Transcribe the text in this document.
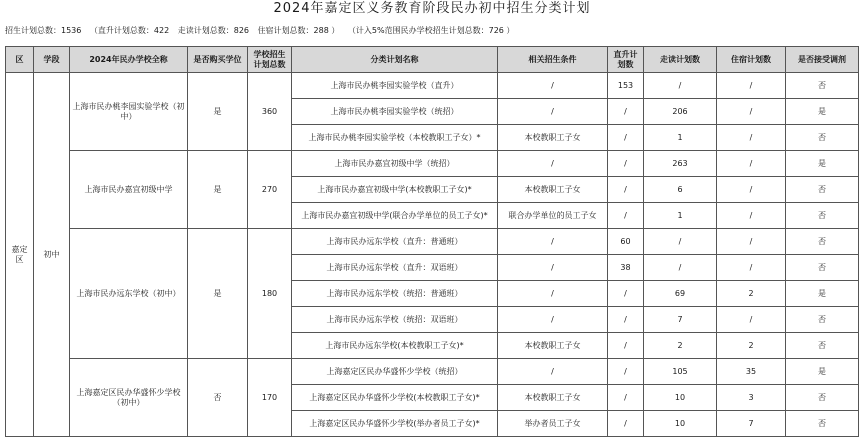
2024年嘉定区义务教育阶段民办初中招生分类计划
招生计划总数：1536 （直升计划总数：422 走读计划总数：826 住宿计划总数：288 ） （计入5%范围民办学校招生计划总数：726 ）
区	学段	2024年民办学校全称	是否购买学位	学校招生计划总数	分类计划名称	相关招生条件	直升计划数	走读计划数	住宿计划数	是否接受调剂
嘉定区	初中	上海市民办桃李园实验学校（初中）	是	360	上海市民办桃李园实验学校（直升）	/	153	/	/	否
					上海市民办桃李园实验学校（统招）	/	/	206	/	是
					上海市民办桃李园实验学校（本校教职工子女）*	本校教职工子女	/	1	/	否
		上海市民办嘉宜初级中学	是	270	上海市民办嘉宜初级中学（统招）	/	/	263	/	是
					上海市民办嘉宜初级中学(本校教职工子女)*	本校教职工子女	/	6	/	否
					上海市民办嘉宜初级中学(联合办学单位的员工子女)*	联合办学单位的员工子女	/	1	/	否
		上海市民办远东学校（初中）	是	180	上海市民办远东学校（直升：普通班）	/	60	/	/	否
					上海市民办远东学校（直升：双语班）	/	38	/	/	否
					上海市民办远东学校（统招：普通班）	/	/	69	2	是
					上海市民办远东学校（统招：双语班）	/	/	7	/	否
					上海市民办远东学校(本校教职工子女)*	本校教职工子女	/	2	2	否
		上海嘉定区民办华盛怀少学校（初中）	否	170	上海嘉定区民办华盛怀少学校（统招）	/	/	105	35	是
					上海嘉定区民办华盛怀少学校(本校教职工子女)*	本校教职工子女	/	10	3	否
					上海嘉定区民办华盛怀少学校(举办者员工子女)*	举办者员工子女	/	10	7	否
